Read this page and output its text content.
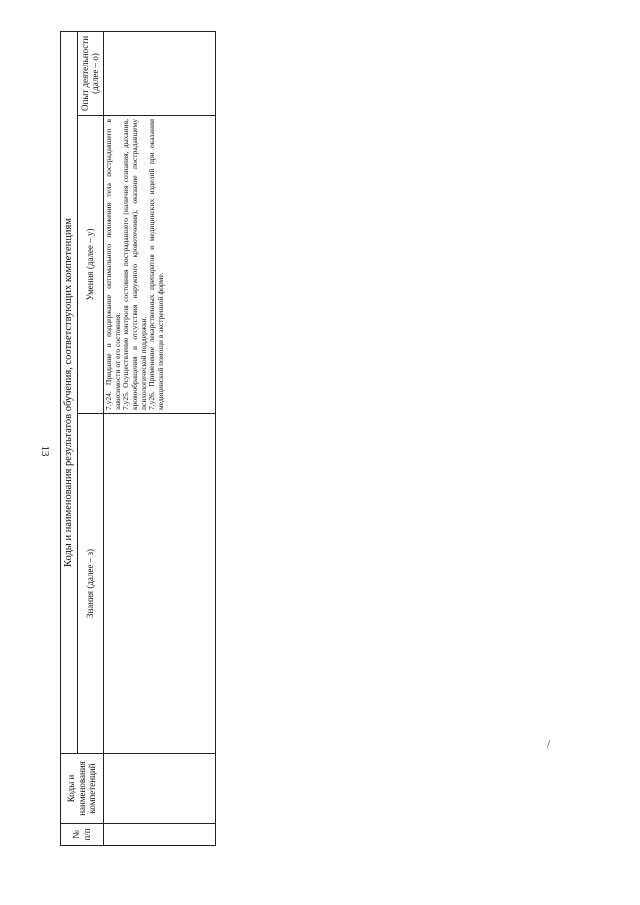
13
№ п/п	Коды и наименования компетенций	Коды и наименования результатов обучения, соответствующих компетенциям		
		Знания (далее – з)	Умения (далее – у)	Опыт деятельности (далее – о)

			7.у24. Придание и поддержание оптимального положения тела пострадавшего в зависимости от его состояния. 7.у25. Осуществление контроля состояния пострадавшего (наличия сознания, дыхания, кровообращения и отсутствия наружного кровотечения), оказание пострадавшему психологической поддержки. 7.у26. Применение лекарственных препаратов и медицинских изделий при оказании медицинской помощи в экстренной форме.	
